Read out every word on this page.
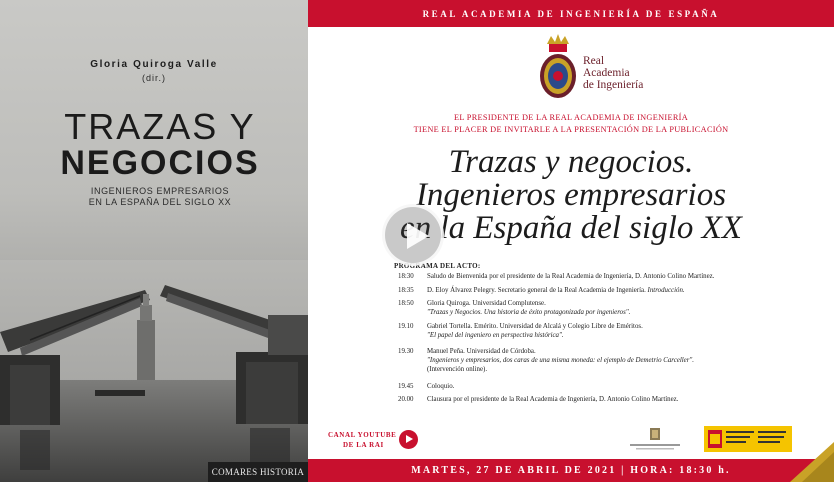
Gloria Quiroga Valle
(dir.)
TRAZAS Y
NEGOCIOS
INGENIEROS EMPRESARIOS
EN LA ESPAÑA DEL SIGLO XX
COMARES HISTORIA
REAL ACADEMIA DE INGENIERÍA DE ESPAÑA
Real
Academia
de Ingeniería
EL PRESIDENTE DE LA REAL ACADEMIA DE INGENIERÍA
TIENE EL PLACER DE INVITARLE A LA PRESENTACIÓN DE LA PUBLICACIÓN
Trazas y negocios.
Ingenieros empresarios
en la España del siglo XX
PROGRAMA DEL ACTO:
18:30	Saludo de Bienvenida por el presidente de la Real Academia de Ingeniería, D. Antonio Colino Martínez.
18:35	D. Eloy Álvarez Pelegry. Secretario general de la Real Academia de Ingeniería. Introducción.
18:50	Gloria Quiroga. Universidad Complutense.
"Trazas y Negocios. Una historia de éxito protagonizada por ingenieros".
19.10	Gabriel Tortella. Emérito. Universidad de Alcalá y Colegio Libre de Eméritos.
"El papel del ingeniero en perspectiva histórica".
19.30	Manuel Peña. Universidad de Córdoba.
"Ingenieros y empresarios, dos caras de una misma moneda: el ejemplo de Demetrio Carceller".
(Intervención online).
19.45	Coloquio.
20.00	Clausura por el presidente de la Real Academia de Ingeniería, D. Antonio Colino Martínez.
CANAL YOUTUBE
DE LA RAI
MARTES, 27 DE ABRIL DE 2021 | HORA: 18:30 h.
